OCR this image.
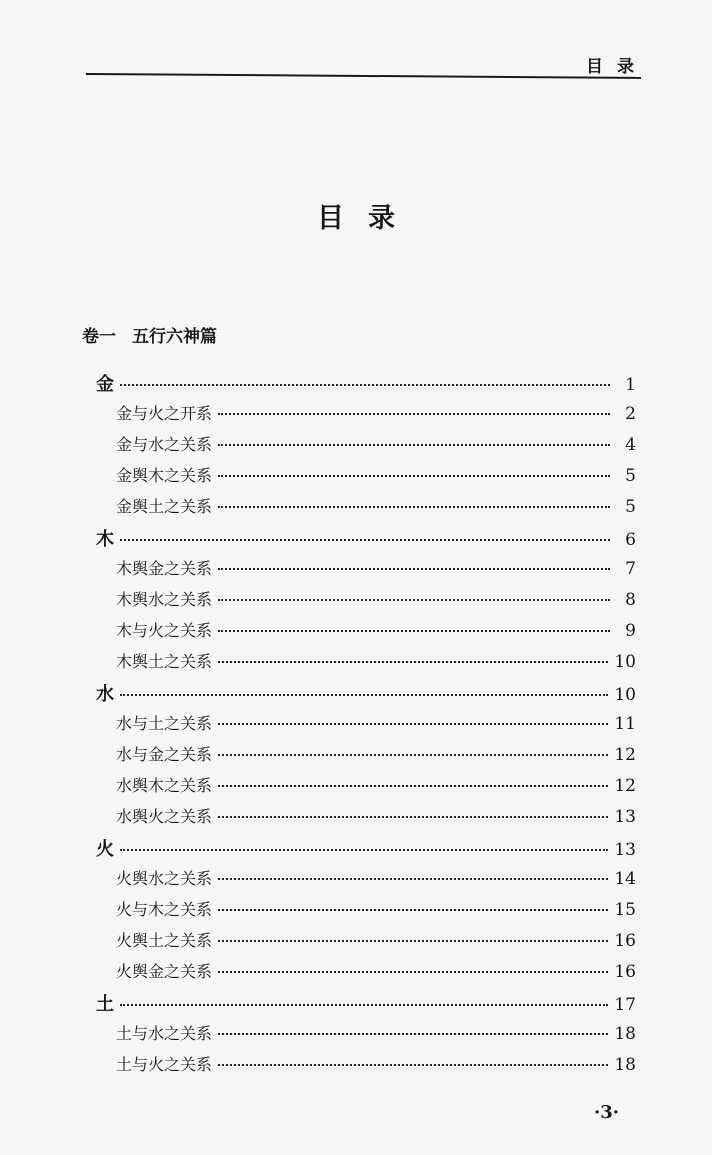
目录
目录
卷一 五行六神篇
金	1
金与火之开系	2
金与水之关系	4
金舆木之关系	5
金舆土之关系	5
木	6
木舆金之关系	7
木舆水之关系	8
木与火之关系	9
木舆土之关系	10
水	10
水与土之关系	11
水与金之关系	12
水舆木之关系	12
水舆火之关系	13
火	13
火舆水之关系	14
火与木之关系	15
火舆土之关系	16
火舆金之关系	16
土	17
土与水之关系	18
土与火之关系	18
·3·
